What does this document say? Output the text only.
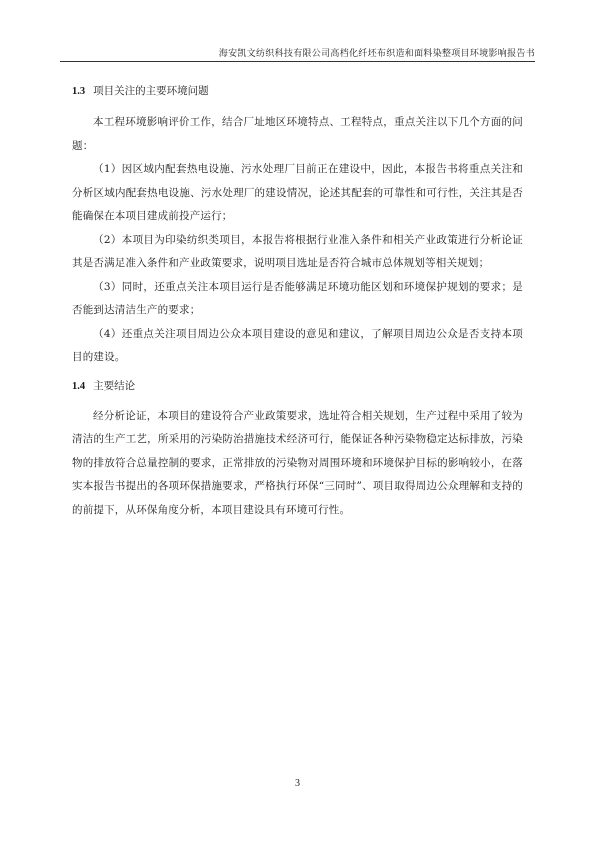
海安凯文纺织科技有限公司高档化纤坯布织造和面料染整项目环境影响报告书
1.3 项目关注的主要环境问题

本工程环境影响评价工作，结合厂址地区环境特点、工程特点，重点关注以下几个方面的问题：

（1）因区域内配套热电设施、污水处理厂目前正在建设中，因此，本报告书将重点关注和分析区域内配套热电设施、污水处理厂的建设情况，论述其配套的可靠性和可行性，关注其是否能确保在本项目建成前投产运行；

（2）本项目为印染纺织类项目，本报告将根据行业准入条件和相关产业政策进行分析论证其是否满足准入条件和产业政策要求，说明项目选址是否符合城市总体规划等相关规划；

（3）同时，还重点关注本项目运行是否能够满足环境功能区划和环境保护规划的要求；是否能到达清洁生产的要求；

（4）还重点关注项目周边公众本项目建设的意见和建议，了解项目周边公众是否支持本项目的建设。

1.4 主要结论

经分析论证，本项目的建设符合产业政策要求，选址符合相关规划，生产过程中采用了较为清洁的生产工艺，所采用的污染防治措施技术经济可行，能保证各种污染物稳定达标排放，污染物的排放符合总量控制的要求，正常排放的污染物对周围环境和环境保护目标的影响较小，在落实本报告书提出的各项环保措施要求，严格执行环保“三同时”、项目取得周边公众理解和支持的的前提下，从环保角度分析，本项目建设具有环境可行性。

3
